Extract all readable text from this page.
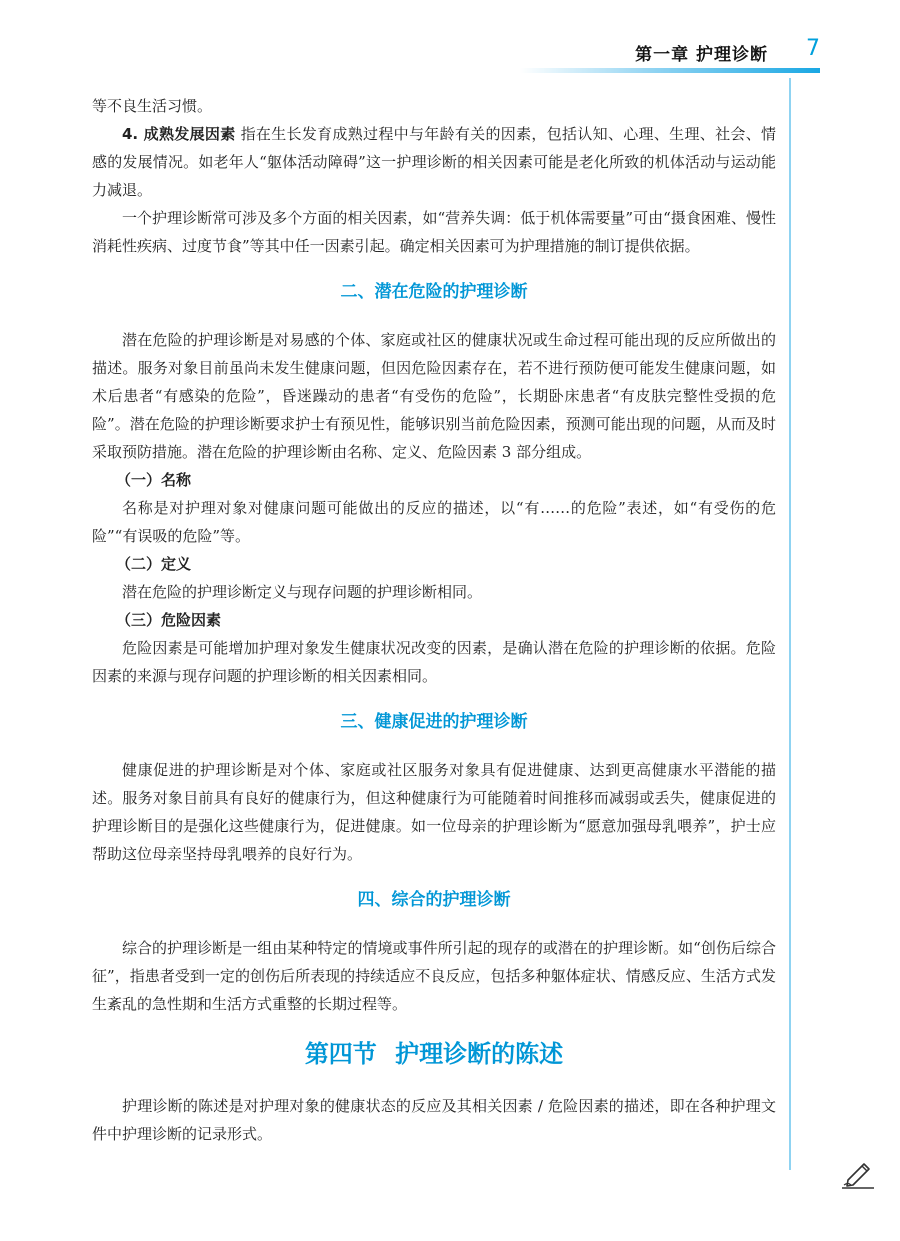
第一章 护理诊断 7

等不良生活习惯。

4. 成熟发展因素 指在生长发育成熟过程中与年龄有关的因素，包括认知、心理、生理、社会、情感的发展情况。如老年人“躯体活动障碍”这一护理诊断的相关因素可能是老化所致的机体活动与运动能力减退。

一个护理诊断常可涉及多个方面的相关因素，如“营养失调：低于机体需要量”可由“摄食困难、慢性消耗性疾病、过度节食”等其中任一因素引起。确定相关因素可为护理措施的制订提供依据。

二、潜在危险的护理诊断

潜在危险的护理诊断是对易感的个体、家庭或社区的健康状况或生命过程可能出现的反应所做出的描述。服务对象目前虽尚未发生健康问题，但因危险因素存在，若不进行预防便可能发生健康问题，如术后患者“有感染的危险”，昏迷躁动的患者“有受伤的危险”，长期卧床患者“有皮肤完整性受损的危险”。潜在危险的护理诊断要求护士有预见性，能够识别当前危险因素，预测可能出现的问题，从而及时采取预防措施。潜在危险的护理诊断由名称、定义、危险因素 3 部分组成。

（一）名称

名称是对护理对象对健康问题可能做出的反应的描述，以“有……的危险”表述，如“有受伤的危险”“有误吸的危险”等。

（二）定义

潜在危险的护理诊断定义与现存问题的护理诊断相同。

（三）危险因素

危险因素是可能增加护理对象发生健康状况改变的因素，是确认潜在危险的护理诊断的依据。危险因素的来源与现存问题的护理诊断的相关因素相同。

三、健康促进的护理诊断

健康促进的护理诊断是对个体、家庭或社区服务对象具有促进健康、达到更高健康水平潜能的描述。服务对象目前具有良好的健康行为，但这种健康行为可能随着时间推移而减弱或丢失，健康促进的护理诊断目的是强化这些健康行为，促进健康。如一位母亲的护理诊断为“愿意加强母乳喂养”，护士应帮助这位母亲坚持母乳喂养的良好行为。

四、综合的护理诊断

综合的护理诊断是一组由某种特定的情境或事件所引起的现存的或潜在的护理诊断。如“创伤后综合征”，指患者受到一定的创伤后所表现的持续适应不良反应，包括多种躯体症状、情感反应、生活方式发生紊乱的急性期和生活方式重整的长期过程等。

第四节 护理诊断的陈述

护理诊断的陈述是对护理对象的健康状态的反应及其相关因素 / 危险因素的描述，即在各种护理文件中护理诊断的记录形式。
